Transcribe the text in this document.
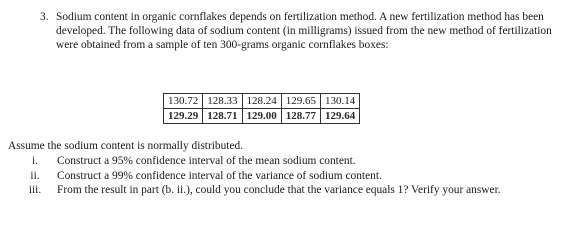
3. Sodium content in organic cornflakes depends on fertilization method. A new fertilization method has been developed. The following data of sodium content (in milligrams) issued from the new method of fertilization were obtained from a sample of ten 300-grams organic cornflakes boxes:
130.72	128.33	128.24	129.65	130.14
129.29	128.71	129.00	128.77	129.64
Assume the sodium content is normally distributed.
i.	Construct a 95% confidence interval of the mean sodium content.
ii.	Construct a 99% confidence interval of the variance of sodium content.
iii.	From the result in part (b. ii.), could you conclude that the variance equals 1? Verify your answer.
